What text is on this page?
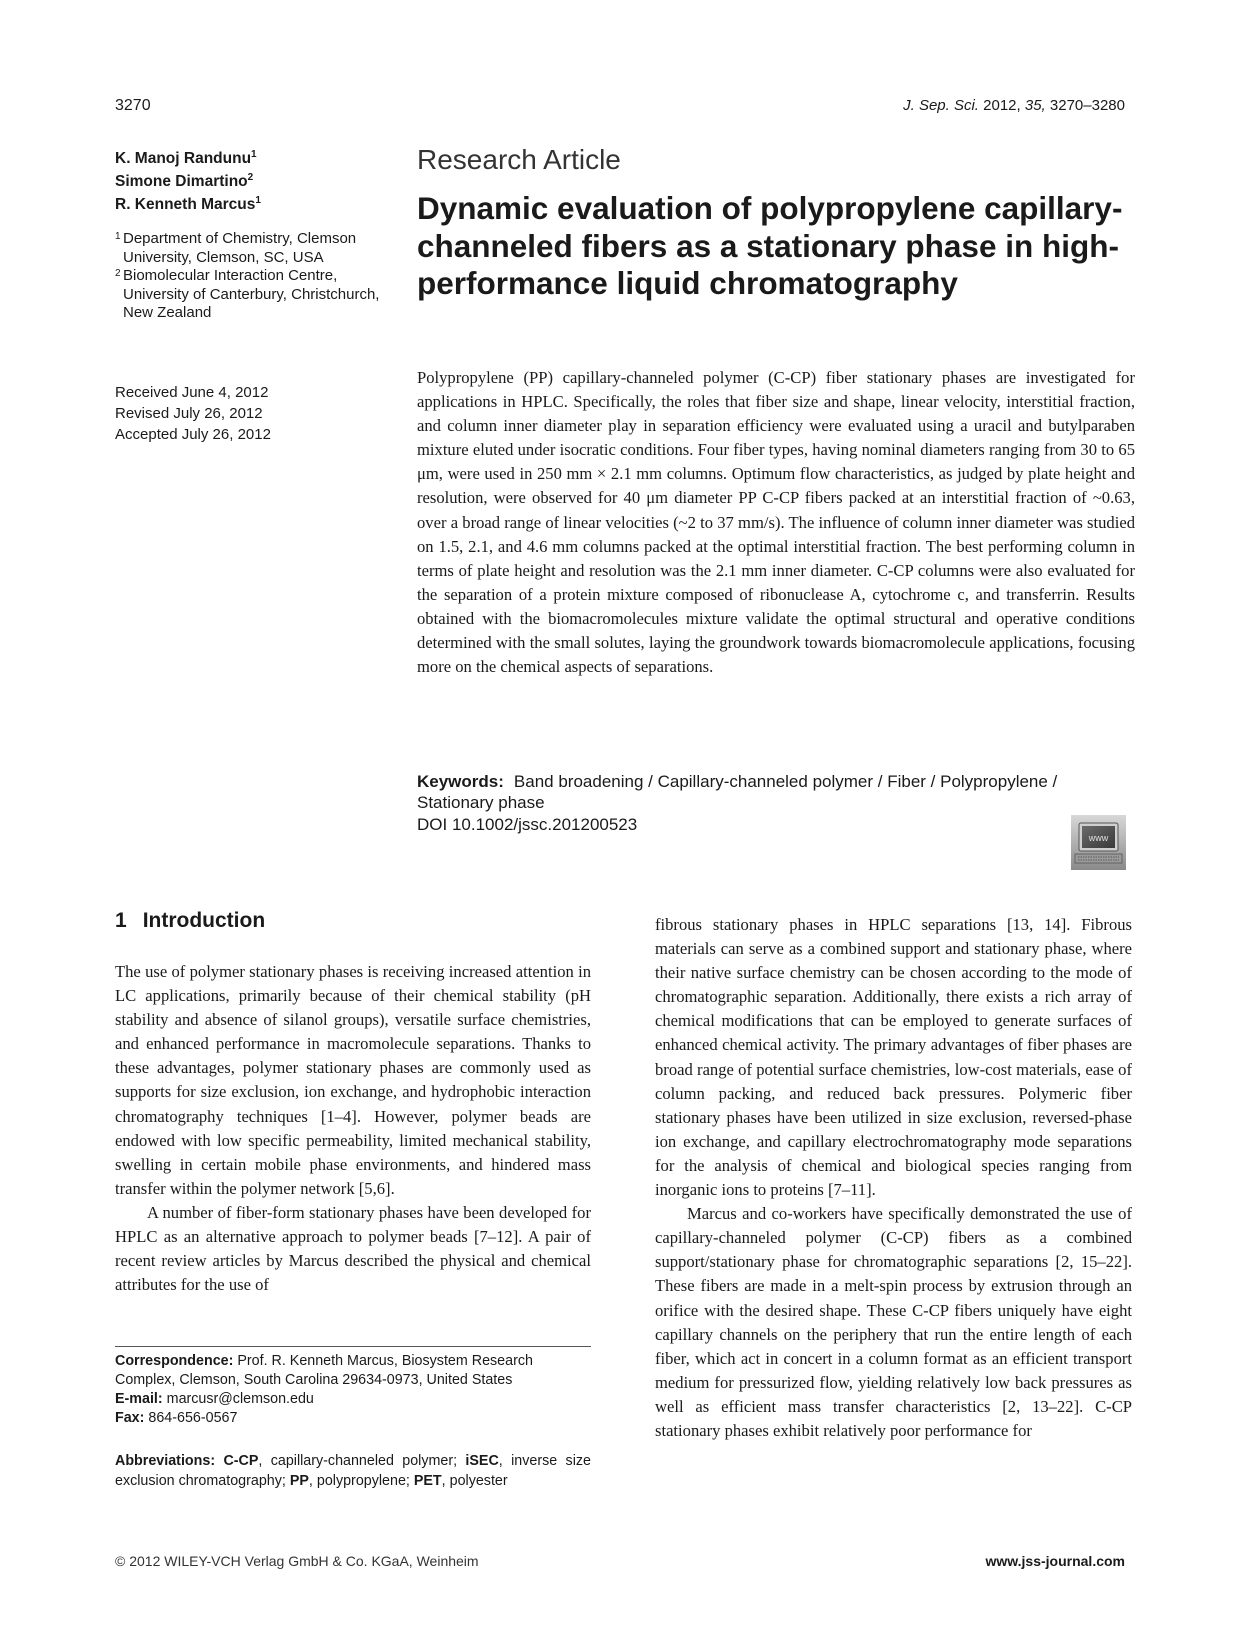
3270	J. Sep. Sci. 2012, 35, 3270–3280
K. Manoj Randunu$^1$
Simone Dimartino$^2$
R. Kenneth Marcus$^1$
1 Department of Chemistry, Clemson University, Clemson, SC, USA
2 Biomolecular Interaction Centre, University of Canterbury, Christchurch, New Zealand
Received June 4, 2012
Revised July 26, 2012
Accepted July 26, 2012
Research Article
Dynamic evaluation of polypropylene capillary-channeled fibers as a stationary phase in high-performance liquid chromatography
Polypropylene (PP) capillary-channeled polymer (C-CP) fiber stationary phases are investigated for applications in HPLC. Specifically, the roles that fiber size and shape, linear velocity, interstitial fraction, and column inner diameter play in separation efficiency were evaluated using a uracil and butylparaben mixture eluted under isocratic conditions. Four fiber types, having nominal diameters ranging from 30 to 65 μm, were used in 250 mm × 2.1 mm columns. Optimum flow characteristics, as judged by plate height and resolution, were observed for 40 μm diameter PP C-CP fibers packed at an interstitial fraction of ~0.63, over a broad range of linear velocities (~2 to 37 mm/s). The influence of column inner diameter was studied on 1.5, 2.1, and 4.6 mm columns packed at the optimal interstitial fraction. The best performing column in terms of plate height and resolution was the 2.1 mm inner diameter. C-CP columns were also evaluated for the separation of a protein mixture composed of ribonuclease A, cytochrome c, and transferrin. Results obtained with the biomacromolecules mixture validate the optimal structural and operative conditions determined with the small solutes, laying the groundwork towards biomacromolecule applications, focusing more on the chemical aspects of separations.
Keywords: Band broadening / Capillary-channeled polymer / Fiber / Polypropylene / Stationary phase
DOI 10.1002/jssc.201200523
www
1 Introduction

The use of polymer stationary phases is receiving increased attention in LC applications, primarily because of their chemical stability (pH stability and absence of silanol groups), versatile surface chemistries, and enhanced performance in macromolecule separations. Thanks to these advantages, polymer stationary phases are commonly used as supports for size exclusion, ion exchange, and hydrophobic interaction chromatography techniques [1–4]. However, polymer beads are endowed with low specific permeability, limited mechanical stability, swelling in certain mobile phase environments, and hindered mass transfer within the polymer network [5,6].

A number of fiber-form stationary phases have been developed for HPLC as an alternative approach to polymer beads [7–12]. A pair of recent review articles by Marcus described the physical and chemical attributes for the use of

fibrous stationary phases in HPLC separations [13, 14]. Fibrous materials can serve as a combined support and stationary phase, where their native surface chemistry can be chosen according to the mode of chromatographic separation. Additionally, there exists a rich array of chemical modifications that can be employed to generate surfaces of enhanced chemical activity. The primary advantages of fiber phases are broad range of potential surface chemistries, low-cost materials, ease of column packing, and reduced back pressures. Polymeric fiber stationary phases have been utilized in size exclusion, reversed-phase ion exchange, and capillary electrochromatography mode separations for the analysis of chemical and biological species ranging from inorganic ions to proteins [7–11].

Marcus and co-workers have specifically demonstrated the use of capillary-channeled polymer (C-CP) fibers as a combined support/stationary phase for chromatographic separations [2, 15–22]. These fibers are made in a melt-spin process by extrusion through an orifice with the desired shape. These C-CP fibers uniquely have eight capillary channels on the periphery that run the entire length of each fiber, which act in concert in a column format as an efficient transport medium for pressurized flow, yielding relatively low back pressures as well as efficient mass transfer characteristics [2, 13–22]. C-CP stationary phases exhibit relatively poor performance for

Correspondence: Prof. R. Kenneth Marcus, Biosystem Research Complex, Clemson, South Carolina 29634-0973, United States
E-mail: marcusr@clemson.edu
Fax: 864-656-0567
Abbreviations: C-CP, capillary-channeled polymer; iSEC, inverse size exclusion chromatography; PP, polypropylene; PET, polyester
© 2012 WILEY-VCH Verlag GmbH & Co. KGaA, Weinheim	www.jss-journal.com
